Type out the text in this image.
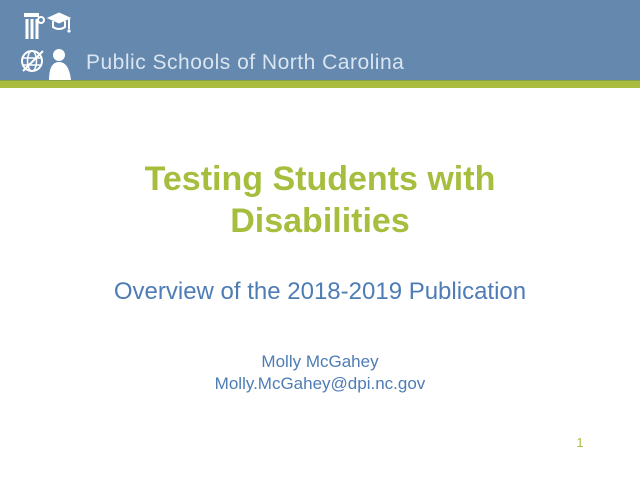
Public Schools of North Carolina
Testing Students with Disabilities
Overview of the 2018-2019 Publication
Molly McGahey
Molly.McGahey@dpi.nc.gov
1
